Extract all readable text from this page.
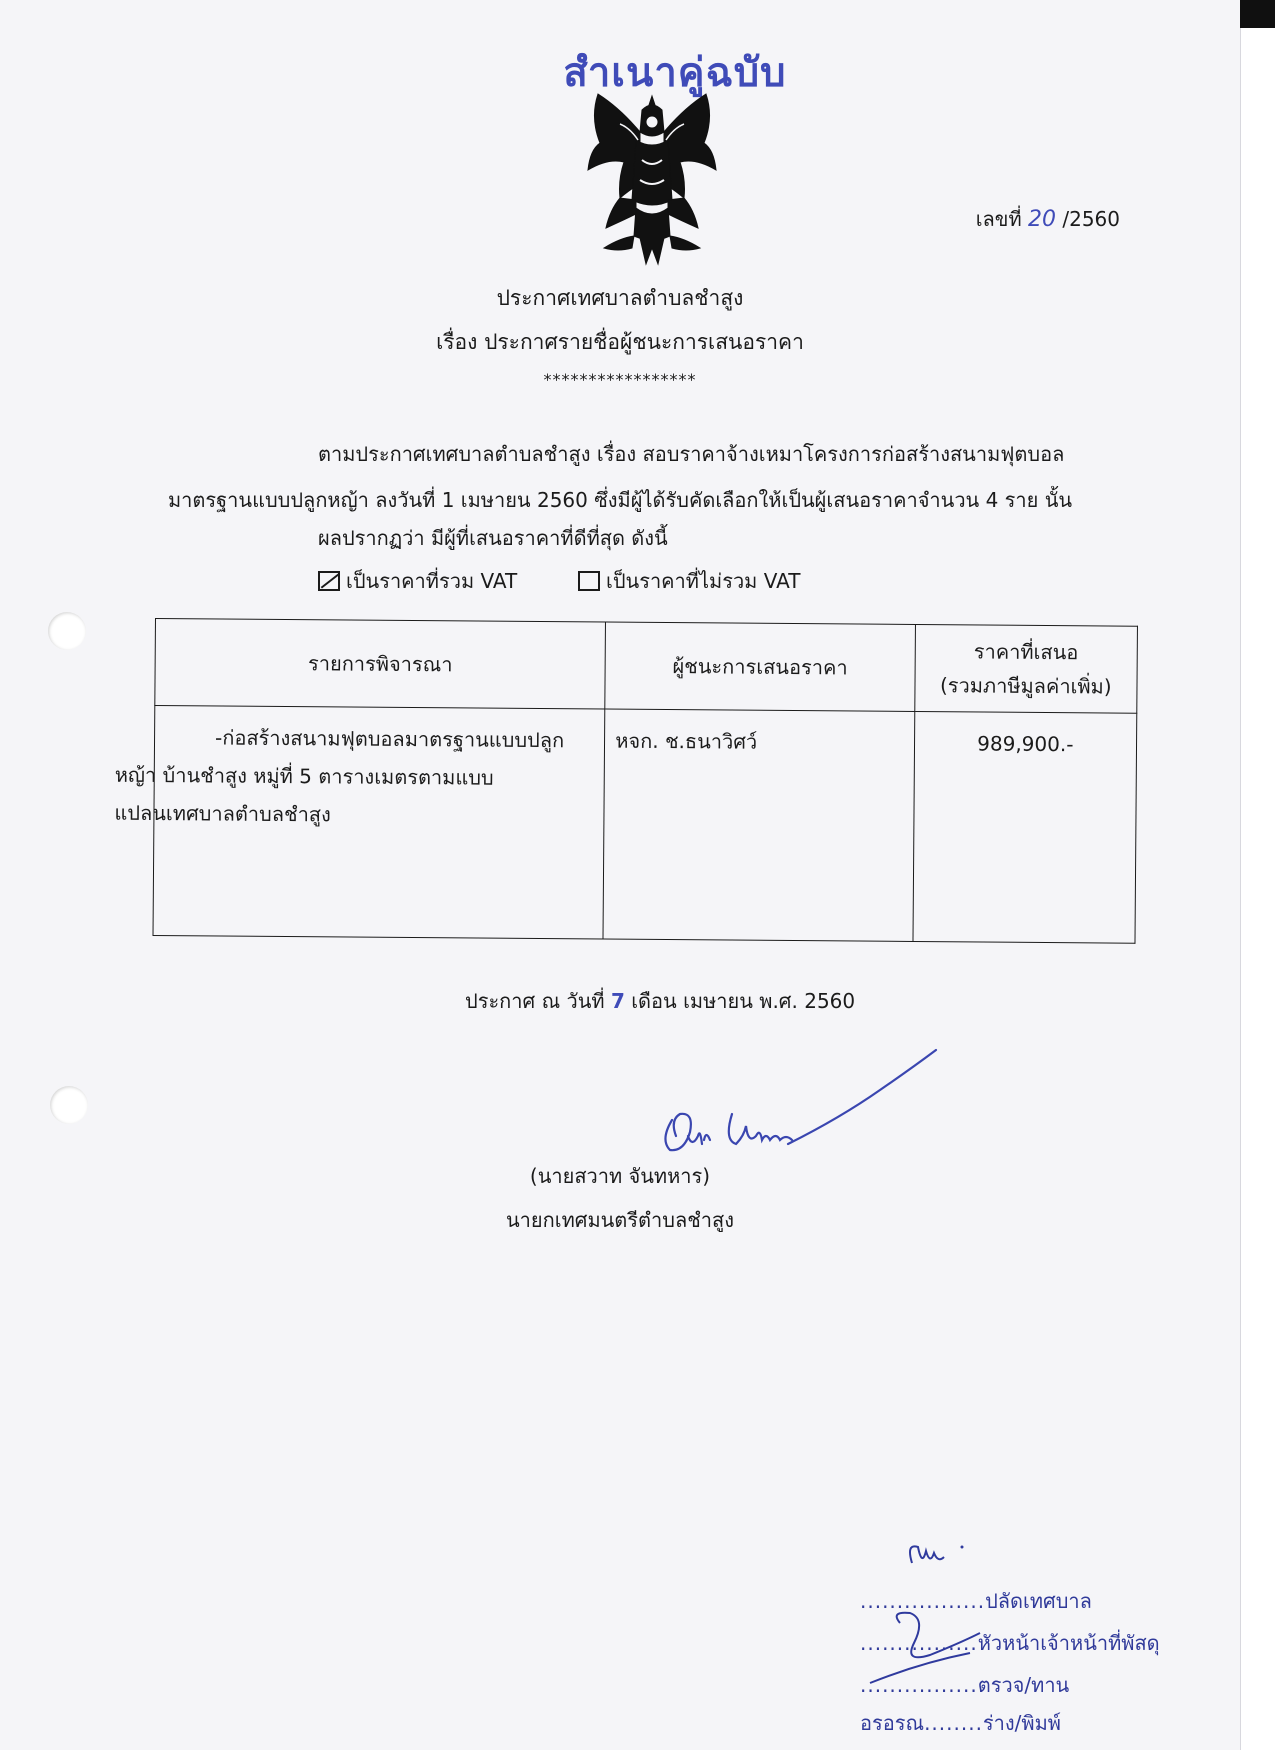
สำเนาคู่ฉบับ
เลขที่ 20 /2560
ประกาศเทศบาลตำบลชำสูง
เรื่อง ประกาศรายชื่อผู้ชนะการเสนอราคา
*****************
ตามประกาศเทศบาลตำบลชำสูง เรื่อง สอบราคาจ้างเหมาโครงการก่อสร้างสนามฟุตบอล
มาตรฐานแบบปลูกหญ้า ลงวันที่ 1 เมษายน 2560 ซึ่งมีผู้ได้รับคัดเลือกให้เป็นผู้เสนอราคาจำนวน 4 ราย นั้น
ผลปรากฏว่า มีผู้ที่เสนอราคาที่ดีที่สุด ดังนี้
เป็นราคาที่รวม VAT	เป็นราคาที่ไม่รวม VAT
รายการพิจารณา	ผู้ชนะการเสนอราคา	ราคาที่เสนอ
(รวมภาษีมูลค่าเพิ่ม)
-ก่อสร้างสนามฟุตบอลมาตรฐานแบบปลูก
หญ้า บ้านชำสูง หมู่ที่ 5 ตารางเมตรตามแบบ
แปลนเทศบาลตำบลชำสูง	หจก. ช.ธนาวิศว์	989,900.-
ประกาศ ณ วันที่ 7 เดือน เมษายน พ.ศ. 2560
(นายสวาท จันทหาร)
นายกเทศมนตรีตำบลชำสูง
.................ปลัดเทศบาล
................หัวหน้าเจ้าหน้าที่พัสดุ
................ตรวจ/ทาน
อรอรณ........ร่าง/พิมพ์
